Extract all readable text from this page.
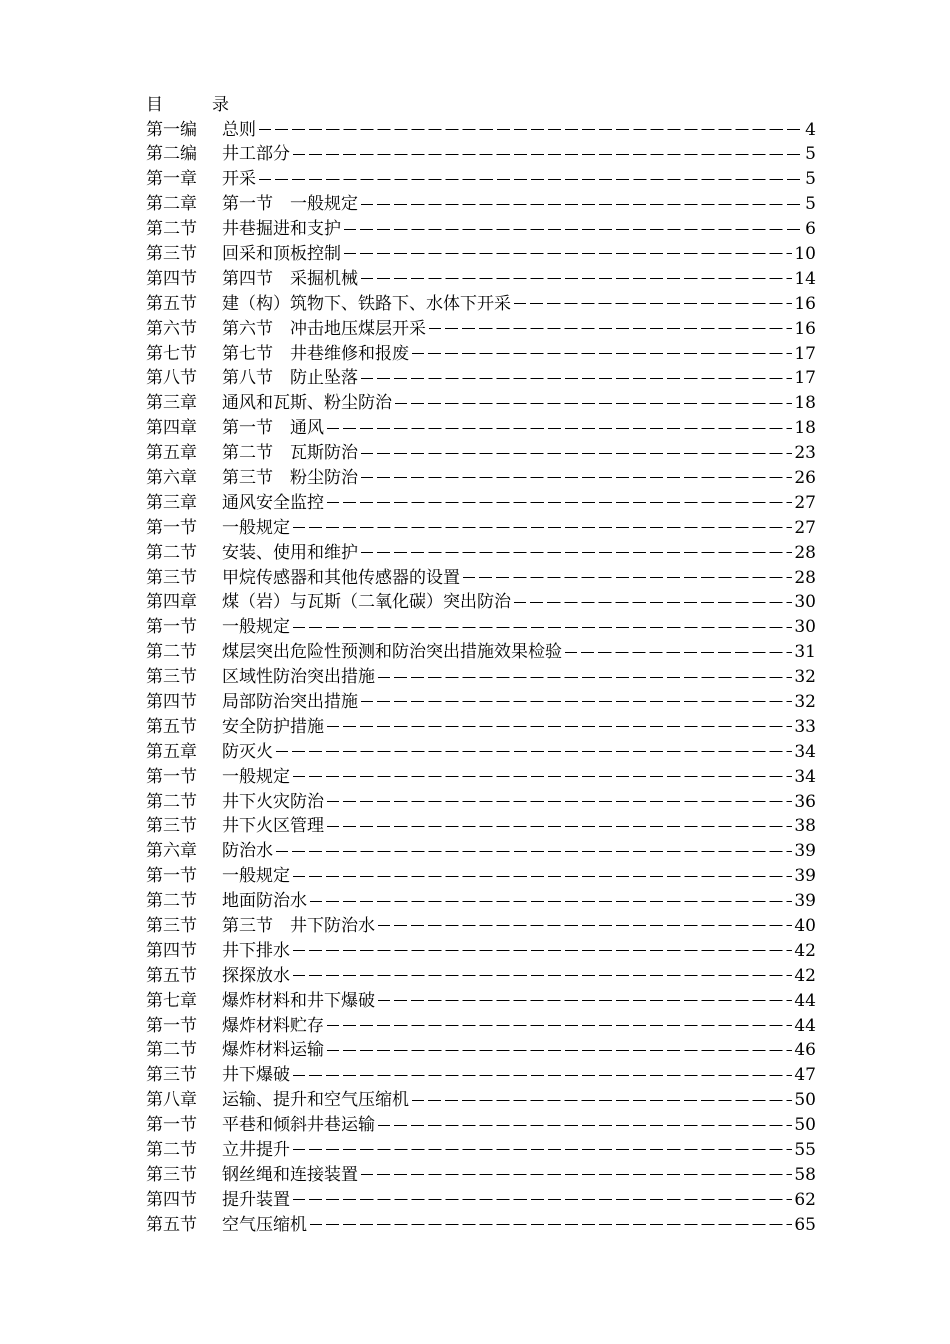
目	录
第一编	总则	4
第二编	井工部分	5
第一章	开采	5
第二章	第一节　一般规定	5
第二节	井巷掘进和支护	6
第三节	回采和顶板控制	10
第四节	第四节　采掘机械	14
第五节	建（构）筑物下、铁路下、水体下开采	16
第六节	第六节　冲击地压煤层开采	16
第七节	第七节　井巷维修和报废	17
第八节	第八节　防止坠落	17
第三章	通风和瓦斯、粉尘防治	18
第四章	第一节　通风	18
第五章	第二节　瓦斯防治	23
第六章	第三节　粉尘防治	26
第三章	通风安全监控	27
第一节	一般规定	27
第二节	安装、使用和维护	28
第三节	甲烷传感器和其他传感器的设置	28
第四章	煤（岩）与瓦斯（二氧化碳）突出防治	30
第一节	一般规定	30
第二节	煤层突出危险性预测和防治突出措施效果检验	31
第三节	区域性防治突出措施	32
第四节	局部防治突出措施	32
第五节	安全防护措施	33
第五章	防灭火	34
第一节	一般规定	34
第二节	井下火灾防治	36
第三节	井下火区管理	38
第六章	防治水	39
第一节	一般规定	39
第二节	地面防治水	39
第三节	第三节　井下防治水	40
第四节	井下排水	42
第五节	探探放水	42
第七章	爆炸材料和井下爆破	44
第一节	爆炸材料贮存	44
第二节	爆炸材料运输	46
第三节	井下爆破	47
第八章	运输、提升和空气压缩机	50
第一节	平巷和倾斜井巷运输	50
第二节	立井提升	55
第三节	钢丝绳和连接装置	58
第四节	提升装置	62
第五节	空气压缩机	65
